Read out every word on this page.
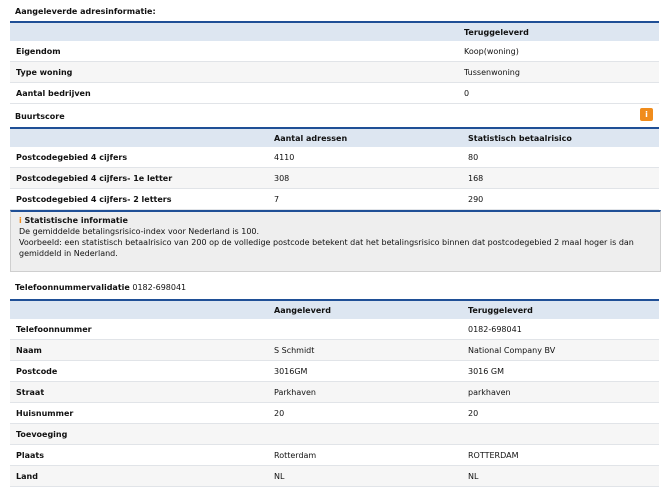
Aangeleverde adresinformatie:
	Teruggeleverd
Eigendom	Koop(woning)
Type woning	Tussenwoning
Aantal bedrijven	0
Buurtscore	i
	Aantal adressen	Statistisch betaalrisico
Postcodegebied 4 cijfers	4110	80
Postcodegebied 4 cijfers- 1e letter	308	168
Postcodegebied 4 cijfers- 2 letters	7	290
i Statistische informatie
De gemiddelde betalingsrisico-index voor Nederland is 100.
Voorbeeld: een statistisch betaalrisico van 200 op de volledige postcode betekent dat het betalingsrisico binnen dat postcodegebied 2 maal hoger is dan gemiddeld in Nederland.
Telefoonnummervalidatie 0182-698041
	Aangeleverd	Teruggeleverd
Telefoonnummer		0182-698041
Naam	S Schmidt	National Company BV
Postcode	3016GM	3016 GM
Straat	Parkhaven	parkhaven
Huisnummer	20	20
Toevoeging		
Plaats	Rotterdam	ROTTERDAM
Land	NL	NL
